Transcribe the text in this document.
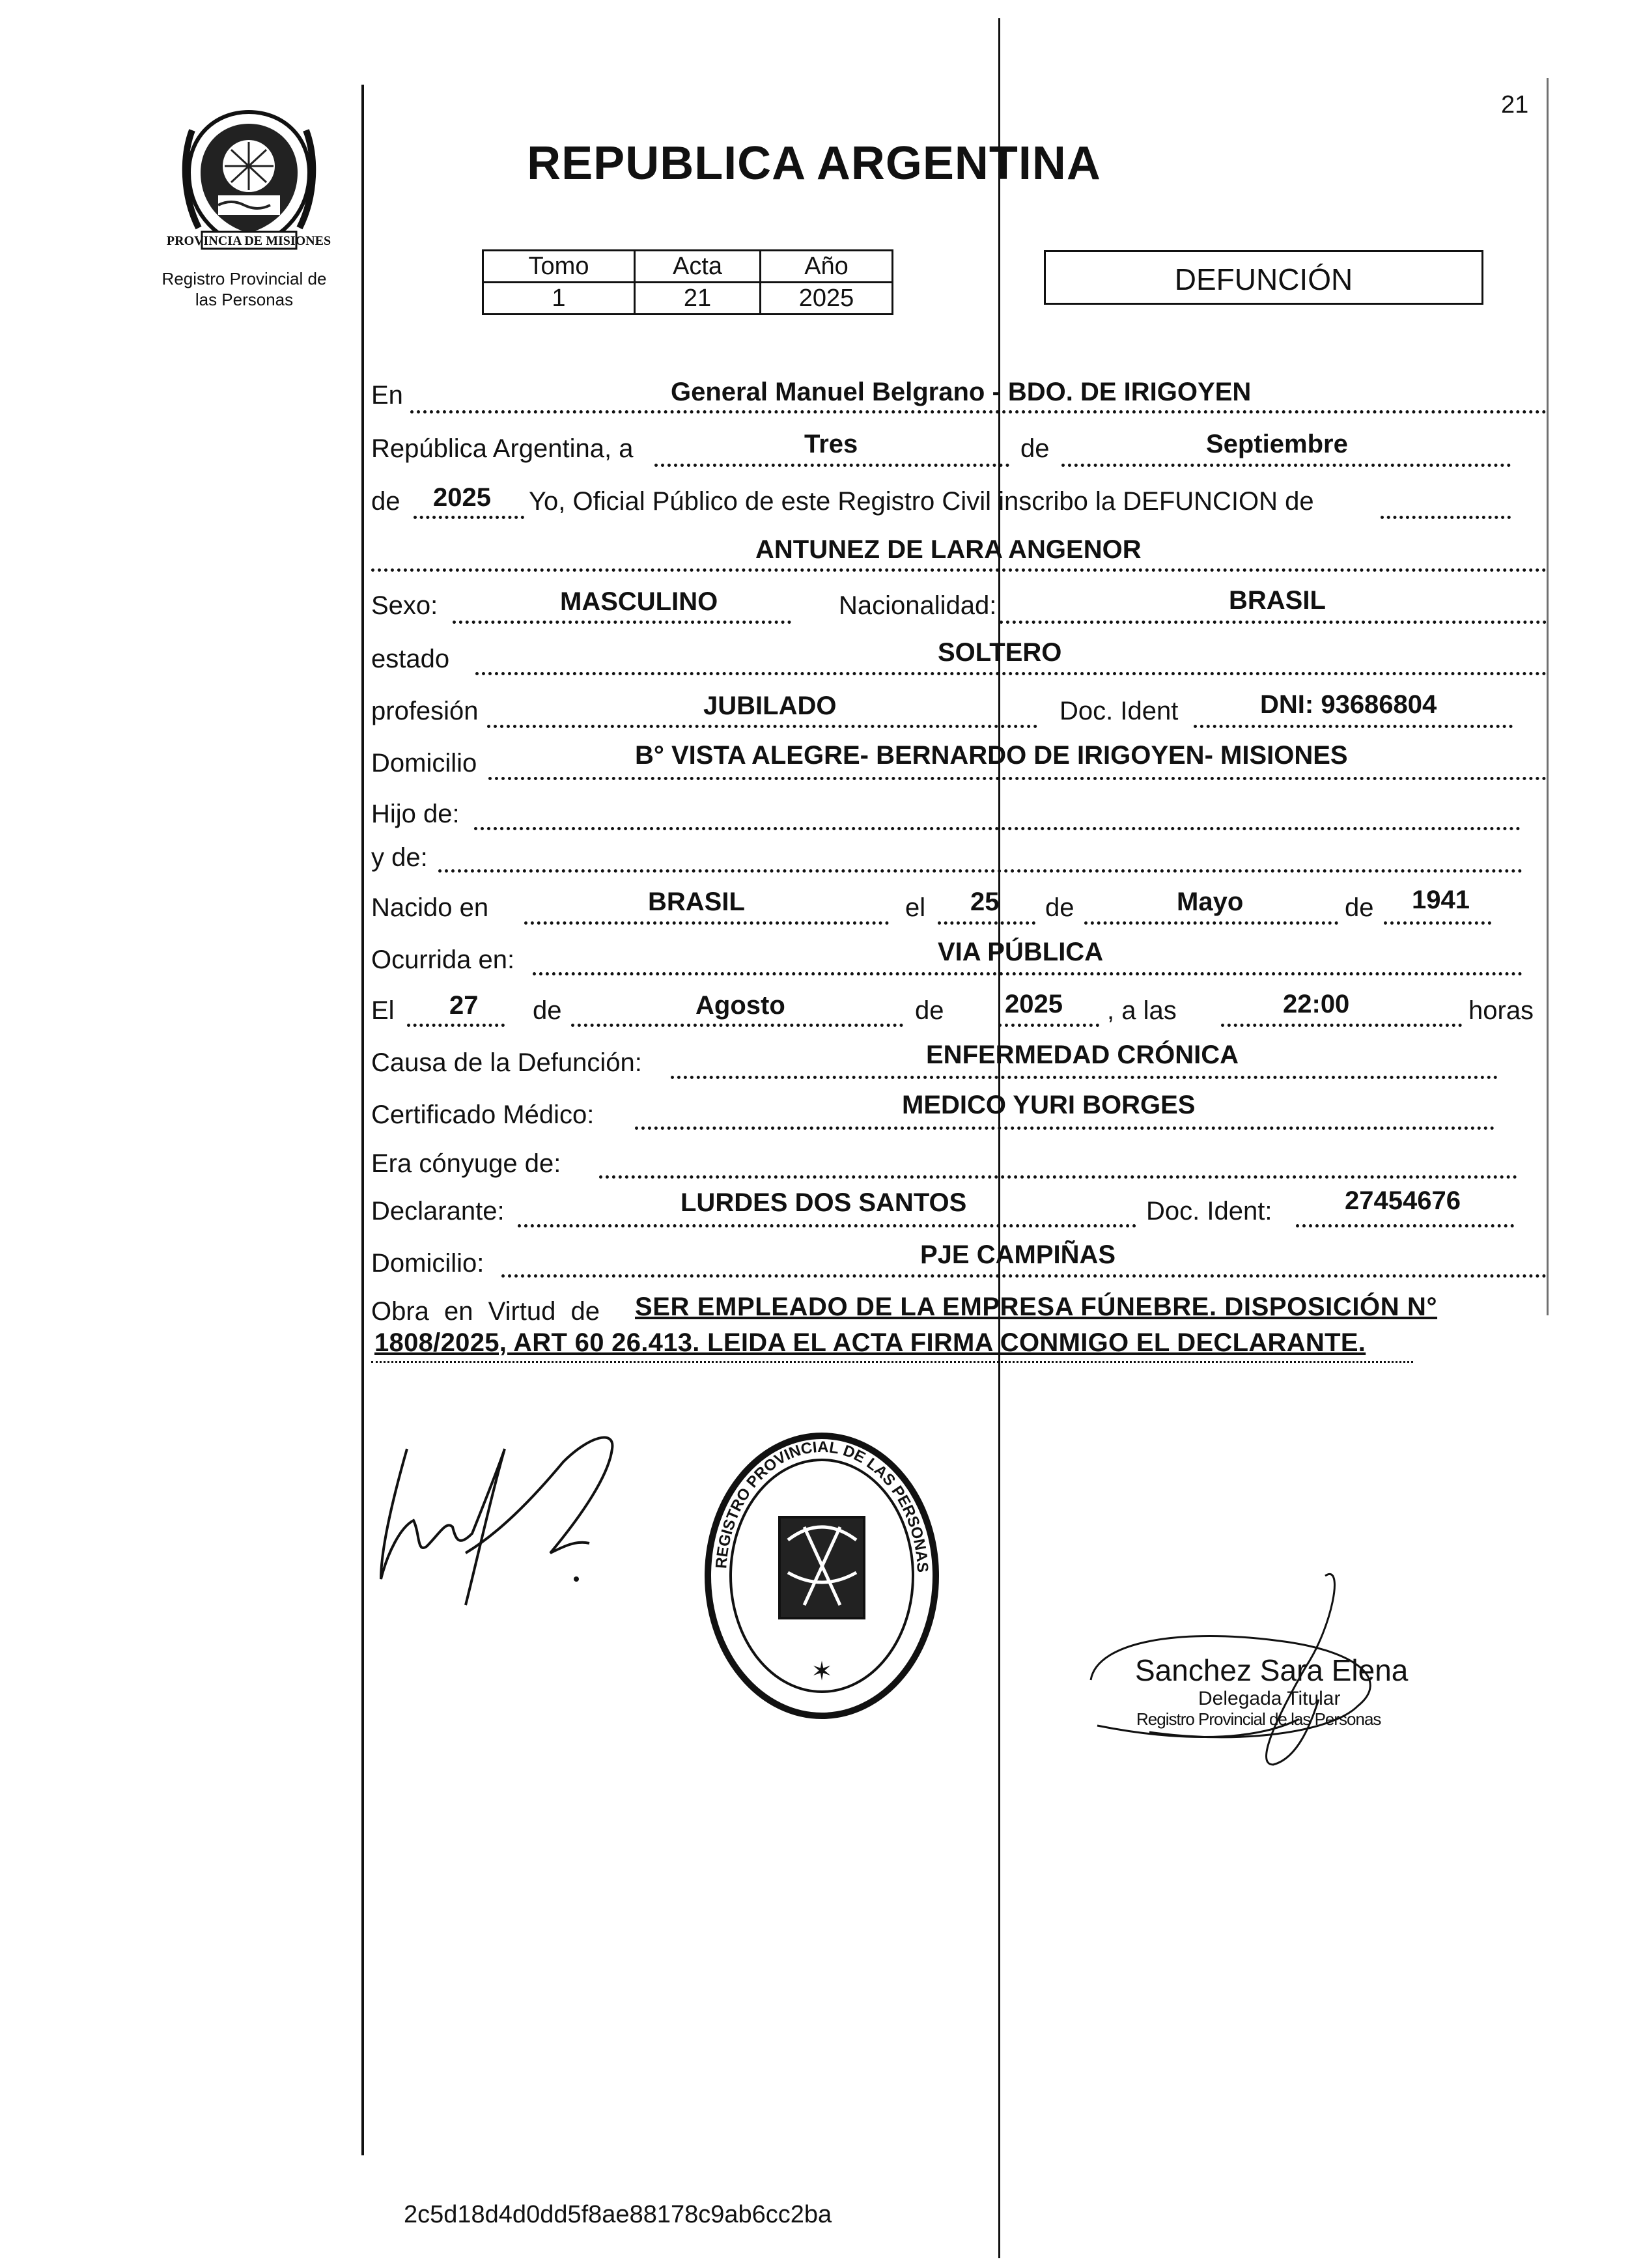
21
PROVINCIA DE MISIONES
Registro Provincial de
las Personas
REPUBLICA ARGENTINA
Tomo	Acta	Año
1	21	2025
DEFUNCIÓN
En	General Manuel Belgrano - BDO. DE IRIGOYEN
República Argentina, a	Tres	de	Septiembre
de 2025 Yo, Oficial Público de este Registro Civil inscribo la DEFUNCION de
ANTUNEZ DE LARA ANGENOR
Sexo:	MASCULINO	Nacionalidad:	BRASIL
estado	SOLTERO
profesión	JUBILADO	Doc. Ident	DNI: 93686804
Domicilio	B° VISTA ALEGRE- BERNARDO DE IRIGOYEN- MISIONES
Hijo de:
y de:
Nacido en	BRASIL	el 25 de	Mayo	de 1941
Ocurrida en:	VIA PÚBLICA
El 27 de	Agosto	de 2025 , a las	22:00	horas
Causa de la Defunción:	ENFERMEDAD CRÓNICA
Certificado Médico:	MEDICO YURI BORGES
Era cónyuge de:
Declarante:	LURDES DOS SANTOS	Doc. Ident:	27454676
Domicilio:	PJE CAMPIÑAS
Obra en Virtud de SER EMPLEADO DE LA EMPRESA FÚNEBRE. DISPOSICIÓN N°
1808/2025, ART 60 26.413. LEIDA EL ACTA FIRMA CONMIGO EL DECLARANTE.
✶
REGISTRO PROVINCIAL DE LAS PERSONAS
Sanchez Sara Elena
Delegada Titular
Registro Provincial de las Personas
2c5d18d4d0dd5f8ae88178c9ab6cc2ba
